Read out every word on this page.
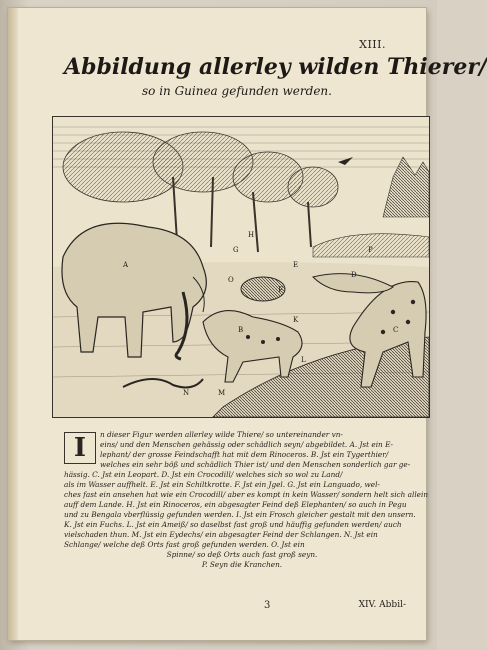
XIII.
Abbildung allerley wilden Thierer/
so in Guinea gefunden werden.
A
B	C
D
E
F
G
H
K
L
M
N
O
P
I	n dieser Figur werden allerley wilde Thiere/ so untereinander vn-
eins/ und den Menschen gehässig oder schädlich seyn/ abgebildet. A. Jst ein E-
lephant/ der grosse Feindschafft hat mit dem Rinoceros. B. Jst ein Tygerthier/
welches ein sehr böß und schädlich Thier ist/ und den Menschen sonderlich gar ge-
hässig. C. Jst ein Leopart. D. Jst ein Crocodill/ welches sich so wol zu Land/
als im Wasser auffhelt. E. Jst ein Schiltkrotte. F. Jst ein Jgel. G. Jst ein Languado, wel-
ches fast ein ansehen hat wie ein Crocodill/ aber es kompt in kein Wasser/ sondern helt sich allein
auff dem Lande. H. Jst ein Rinoceros, ein abgesagter Feind deß Elephanten/ so auch in Pegu
und zu Bengala vberflüssig gefunden werden. I. Jst ein Frosch gleicher gestalt mit den unsern.
K. Jst ein Fuchs. L. Jst ein Ameiß/ so daselbst fast groß und häuffig gefunden werden/ auch
vielschaden thun. M. Jst ein Eydechs/ ein abgesagter Feind der Schlangen. N. Jst ein
Schlange/ welche deß Orts fast groß gefunden werden. O. Jst ein
Spinne/ so deß Orts auch fast groß seyn.
P. Seyn die Kranchen.
3	XIV. Abbil-
